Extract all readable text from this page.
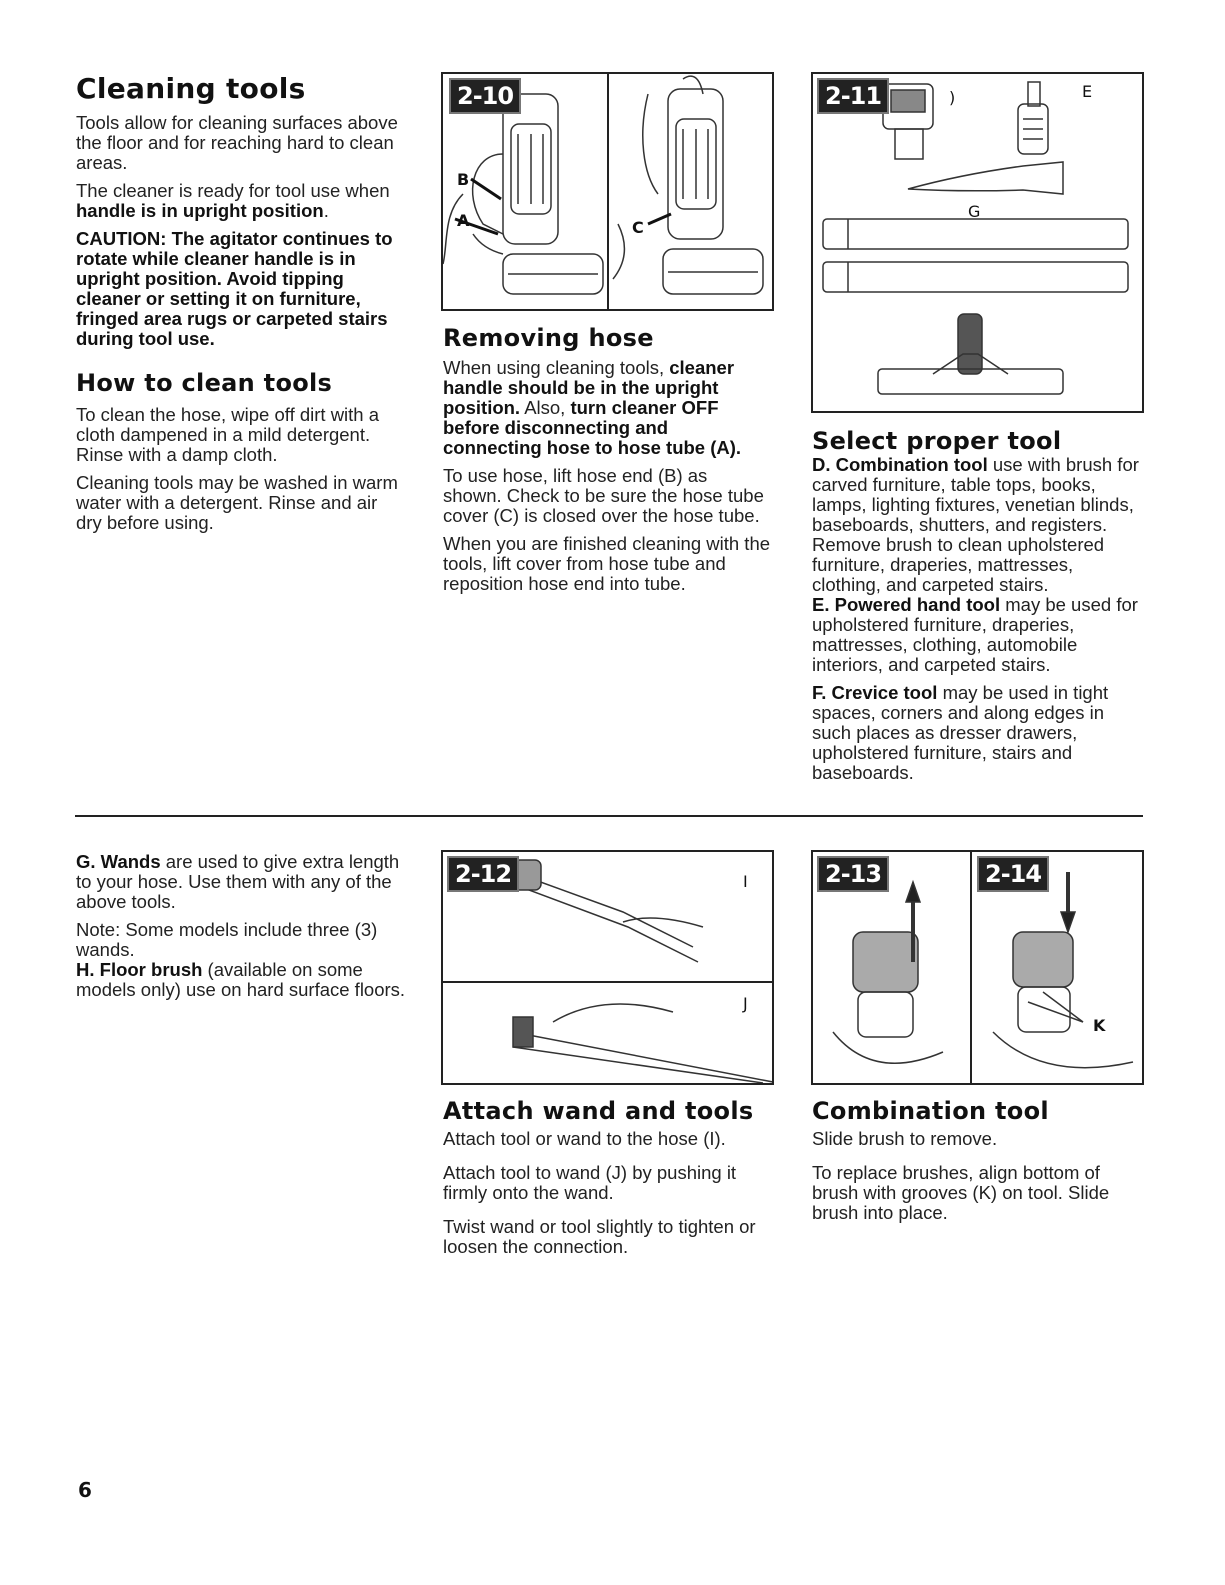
Cleaning tools

Tools allow for cleaning surfaces above the floor and for reaching hard to clean areas.

The cleaner is ready for tool use when handle is in upright position.

CAUTION: The agitator continues to rotate while cleaner handle is in upright position. Avoid tipping cleaner or setting it on furniture, fringed area rugs or carpeted stairs during tool use.
How to clean tools

To clean the hose, wipe off dirt with a cloth dampened in a mild detergent. Rinse with a damp cloth.

Cleaning tools may be washed in warm water with a detergent. Rinse and air dry before using.

2-10
B
A	C
Removing hose

When using cleaning tools, cleaner handle should be in the upright position. Also, turn cleaner OFF before disconnecting and connecting hose to hose tube (A).

To use hose, lift hose end (B) as shown. Check to be sure the hose tube cover (C) is closed over the hose tube.

When you are finished cleaning with the tools, lift cover from hose tube and reposition hose end into tube.

2-11	)	E
G
Select proper tool

D. Combination tool use with brush for carved furniture, table tops, books, lamps, lighting fixtures, venetian blinds, baseboards, shutters, and registers.

Remove brush to clean upholstered furniture, draperies, mattresses, clothing, and carpeted stairs.

E. Powered hand tool may be used for upholstered furniture, draperies, mattresses, clothing, automobile interiors, and carpeted stairs.

F. Crevice tool may be used in tight spaces, corners and along edges in such places as dresser drawers, upholstered furniture, stairs and baseboards.

G. Wands are used to give extra length to your hose. Use them with any of the above tools.

Note: Some models include three (3) wands.

H. Floor brush (available on some models only) use on hard surface floors.

2-12	I
J
Attach wand and tools

Attach tool or wand to the hose (I).

Attach tool to wand (J) by pushing it firmly onto the wand.

Twist wand or tool slightly to tighten or loosen the connection.

2-13	2-14
K
Combination tool

Slide brush to remove.

To replace brushes, align bottom of brush with grooves (K) on tool. Slide brush into place.

6
